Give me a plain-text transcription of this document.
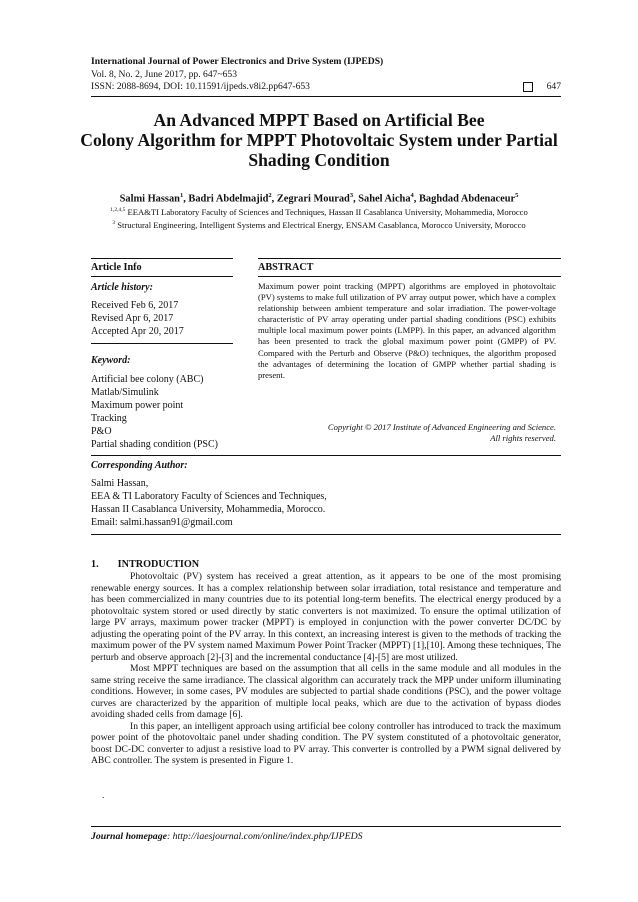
International Journal of Power Electronics and Drive System (IJPEDS)
Vol. 8, No. 2, June 2017, pp. 647~653
ISSN: 2088-8694, DOI: 10.11591/ijpeds.v8i2.pp647-653	647
An Advanced MPPT Based on Artificial Bee
Colony Algorithm for MPPT Photovoltaic System under Partial
Shading Condition
Salmi Hassan$^1$, Badri Abdelmajid$^2$, Zegrari Mourad$^3$, Sahel Aicha$^4$, Baghdad Abdenaceur$^5$
$^{1,2,4,5}$ EEA&TI Laboratory Faculty of Sciences and Techniques, Hassan II Casablanca University, Mohammedia, Morocco
$^3$ Structural Engineering, Intelligent Systems and Electrical Energy, ENSAM Casablanca, Morocco University, Morocco
Article Info
Article history:
Received Feb 6, 2017
Revised Apr 6, 2017
Accepted Apr 20, 2017
Keyword:
Artificial bee colony (ABC)
Matlab/Simulink
Maximum power point
Tracking
P&O
Partial shading condition (PSC)
ABSTRACT
Maximum power point tracking (MPPT) algorithms are employed in photovoltaic (PV) systems to make full utilization of PV array output power, which have a complex relationship between ambient temperature and solar irradiation. The power-voltage characteristic of PV array operating under partial shading conditions (PSC) exhibits multiple local maximum power points (LMPP). In this paper, an advanced algorithm has been presented to track the global maximum power point (GMPP) of PV. Compared with the Perturb and Observe (P&O) techniques, the algorithm proposed the advantages of determining the location of GMPP whether partial shading is present.
Copyright © 2017 Institute of Advanced Engineering and Science.
All rights reserved.
Corresponding Author:
Salmi Hassan,
EEA & TI Laboratory Faculty of Sciences and Techniques,
Hassan II Casablanca University, Mohammedia, Morocco.
Email: salmi.hassan91@gmail.com
1. INTRODUCTION

Photovoltaic (PV) system has received a great attention, as it appears to be one of the most promising renewable energy sources. It has a complex relationship between solar irradiation, total resistance and temperature and has been commercialized in many countries due to its potential long-term benefits. The electrical energy produced by a photovoltaic system stored or used directly by static converters is not maximized. To ensure the optimal utilization of large PV arrays, maximum power tracker (MPPT) is employed in conjunction with the power converter DC/DC by adjusting the operating point of the PV array. In this context, an increasing interest is given to the methods of tracking the maximum power of the PV system named Maximum Power Point Tracker (MPPT) [1],[10]. Among these techniques, The perturb and observe approach [2]-[3] and the incremental conductance [4]-[5] are most utilized.

Most MPPT techniques are based on the assumption that all cells in the same module and all modules in the same string receive the same irradiance. The classical algorithm can accurately track the MPP under uniform illuminating conditions. However, in some cases, PV modules are subjected to partial shade conditions (PSC), and the power voltage curves are characterized by the apparition of multiple local peaks, which are due to the activation of bypass diodes avoiding shaded cells from damage [6].

In this paper, an intelligent approach using artificial bee colony controller has introduced to track the maximum power point of the photovoltaic panel under shading condition. The PV system constituted of a photovoltaic generator, boost DC-DC converter to adjust a resistive load to PV array. This converter is controlled by a PWM signal delivered by ABC controller. The system is presented in Figure 1.

.
Journal homepage: http://iaesjournal.com/online/index.php/IJPEDS
